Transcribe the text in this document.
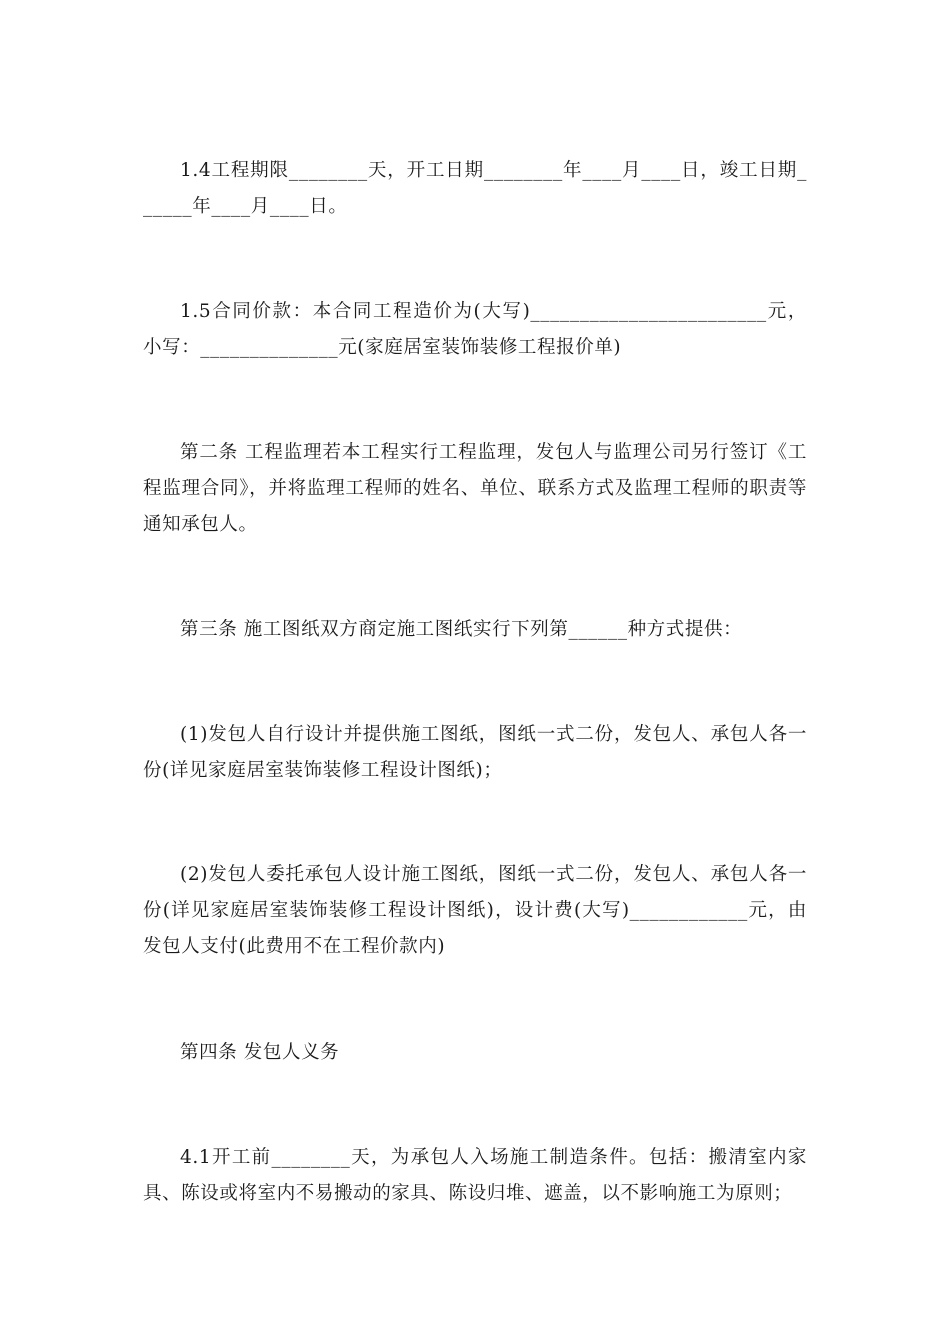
1.4工程期限________天，开工日期________年____月____日，竣工日期______年____月____日。

1.5合同价款：本合同工程造价为(大写)________________________元，小写：______________元(家庭居室装饰装修工程报价单)

第二条 工程监理若本工程实行工程监理，发包人与监理公司另行签订《工程监理合同》，并将监理工程师的姓名、单位、联系方式及监理工程师的职责等通知承包人。

第三条 施工图纸双方商定施工图纸实行下列第______种方式提供：

(1)发包人自行设计并提供施工图纸，图纸一式二份，发包人、承包人各一份(详见家庭居室装饰装修工程设计图纸)；

(2)发包人委托承包人设计施工图纸，图纸一式二份，发包人、承包人各一份(详见家庭居室装饰装修工程设计图纸)，设计费(大写)____________元，由发包人支付(此费用不在工程价款内)

第四条 发包人义务

4.1开工前________天，为承包人入场施工制造条件。包括：搬清室内家具、陈设或将室内不易搬动的家具、陈设归堆、遮盖，以不影响施工为原则；
